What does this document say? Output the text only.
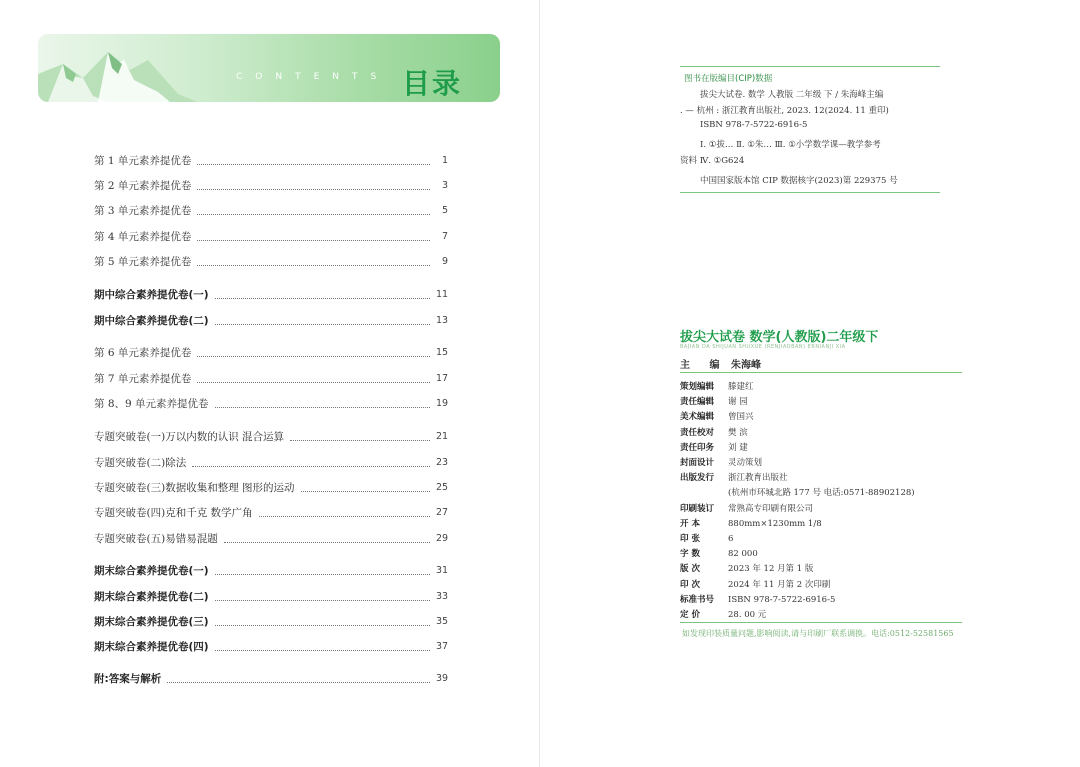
CONTENTS 目录
第 1 单元素养提优卷	1
第 2 单元素养提优卷	3
第 3 单元素养提优卷	5
第 4 单元素养提优卷	7
第 5 单元素养提优卷	9
期中综合素养提优卷(一)	11
期中综合素养提优卷(二)	13
第 6 单元素养提优卷	15
第 7 单元素养提优卷	17
第 8、9 单元素养提优卷	19
专题突破卷(一) 万以内数的认识 混合运算	21
专题突破卷(二) 除法	23
专题突破卷(三) 数据收集和整理 图形的运动	25
专题突破卷(四) 克和千克 数学广角	27
专题突破卷(五) 易错易混题	29
期末综合素养提优卷(一)	31
期末综合素养提优卷(二)	33
期末综合素养提优卷(三)	35
期末综合素养提优卷(四)	37
附:答案与解析	39
图书在版编目(CIP)数据
拔尖大试卷. 数学 人教版 二年级 下 / 朱海峰主编
. — 杭州 : 浙江教育出版社, 2023. 12(2024. 11 重印)
ISBN 978-7-5722-6916-5
Ⅰ. ①拔… Ⅱ. ①朱… Ⅲ. ①小学数学课—教学参考
资料 Ⅳ. ①G624
中国国家版本馆 CIP 数据核字(2023)第 229375 号
拔尖大试卷 数学(人教版)二年级下
BAJIAN DA SHIJUAN SHUXUE (RENJIAOBAN) ERNIANJI XIA
主 编 朱海峰
策划编辑 滕建红
责任编辑 谢 园
美术编辑 曾国兴
责任校对 樊 滨
责任印务 刘 建
封面设计 灵动策划
出版发行 浙江教育出版社
(杭州市环城北路 177 号 电话:0571-88902128)
印刷装订 常熟高专印刷有限公司
开 本	880mm×1230mm 1/8
印 张	6
字 数	82 000
版 次	2023 年 12 月第 1 版
印 次	2024 年 11 月第 2 次印刷
标准书号 ISBN 978-7-5722-6916-5
定 价	28. 00 元
如发现印装质量问题,影响阅读,请与印刷厂联系调换。电话:0512-52581565
